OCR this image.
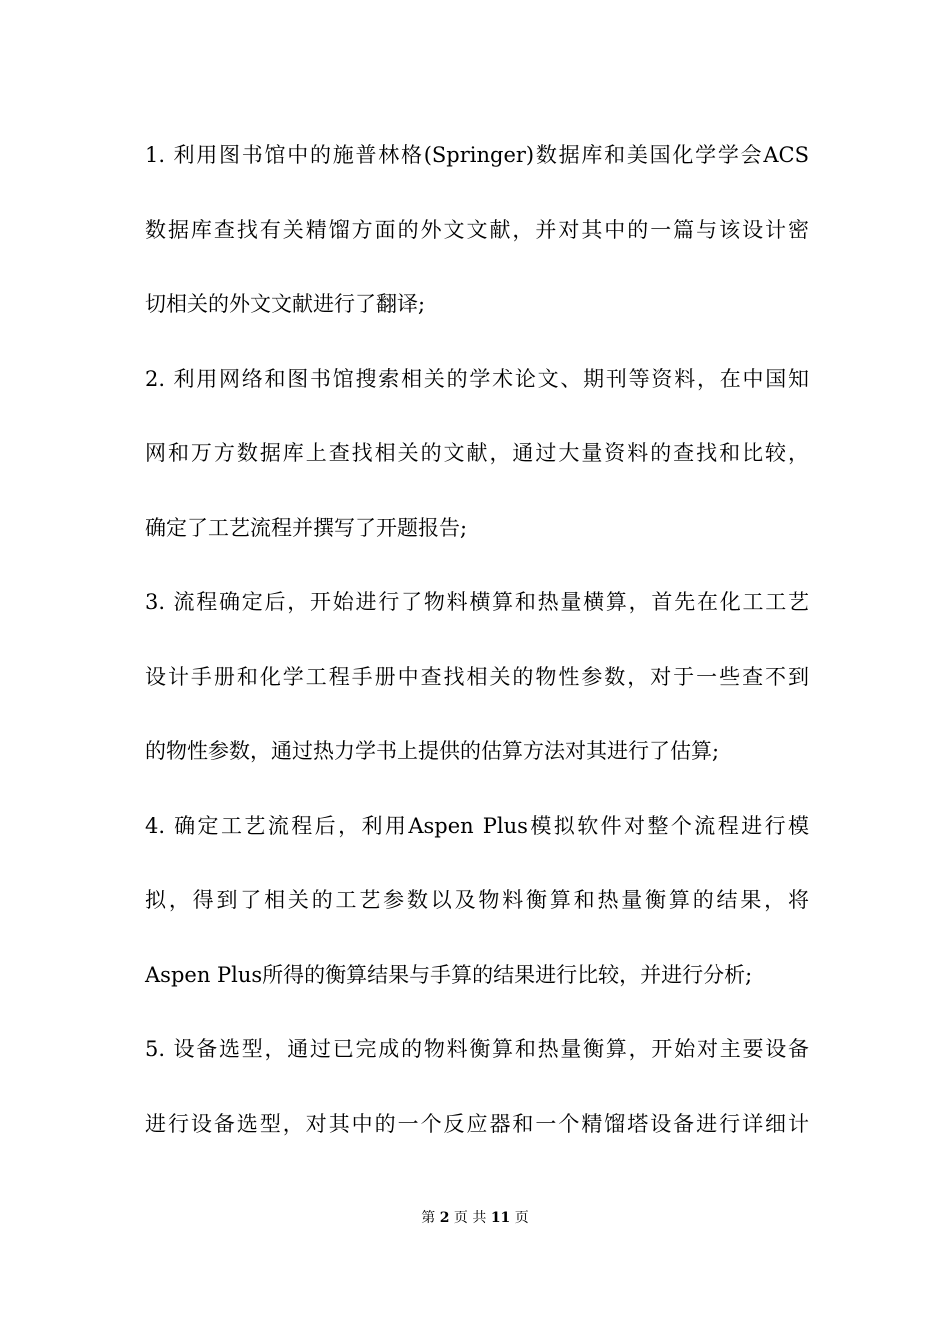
1. 利用图书馆中的施普林格(Springer)数据库和美国化学学会ACS
数据库查找有关精馏方面的外文文献，并对其中的一篇与该设计密
切相关的外文文献进行了翻译;
2. 利用网络和图书馆搜索相关的学术论文、期刊等资料，在中国知
网和万方数据库上查找相关的文献，通过大量资料的查找和比较，
确定了工艺流程并撰写了开题报告;
3. 流程确定后，开始进行了物料横算和热量横算，首先在化工工艺
设计手册和化学工程手册中查找相关的物性参数，对于一些查不到
的物性参数，通过热力学书上提供的估算方法对其进行了估算;
4. 确定工艺流程后，利用Aspen Plus模拟软件对整个流程进行模
拟，得到了相关的工艺参数以及物料衡算和热量衡算的结果，将
Aspen Plus所得的衡算结果与手算的结果进行比较，并进行分析;
5. 设备选型，通过已完成的物料衡算和热量衡算，开始对主要设备
进行设备选型，对其中的一个反应器和一个精馏塔设备进行详细计
第 2 页 共 11 页
